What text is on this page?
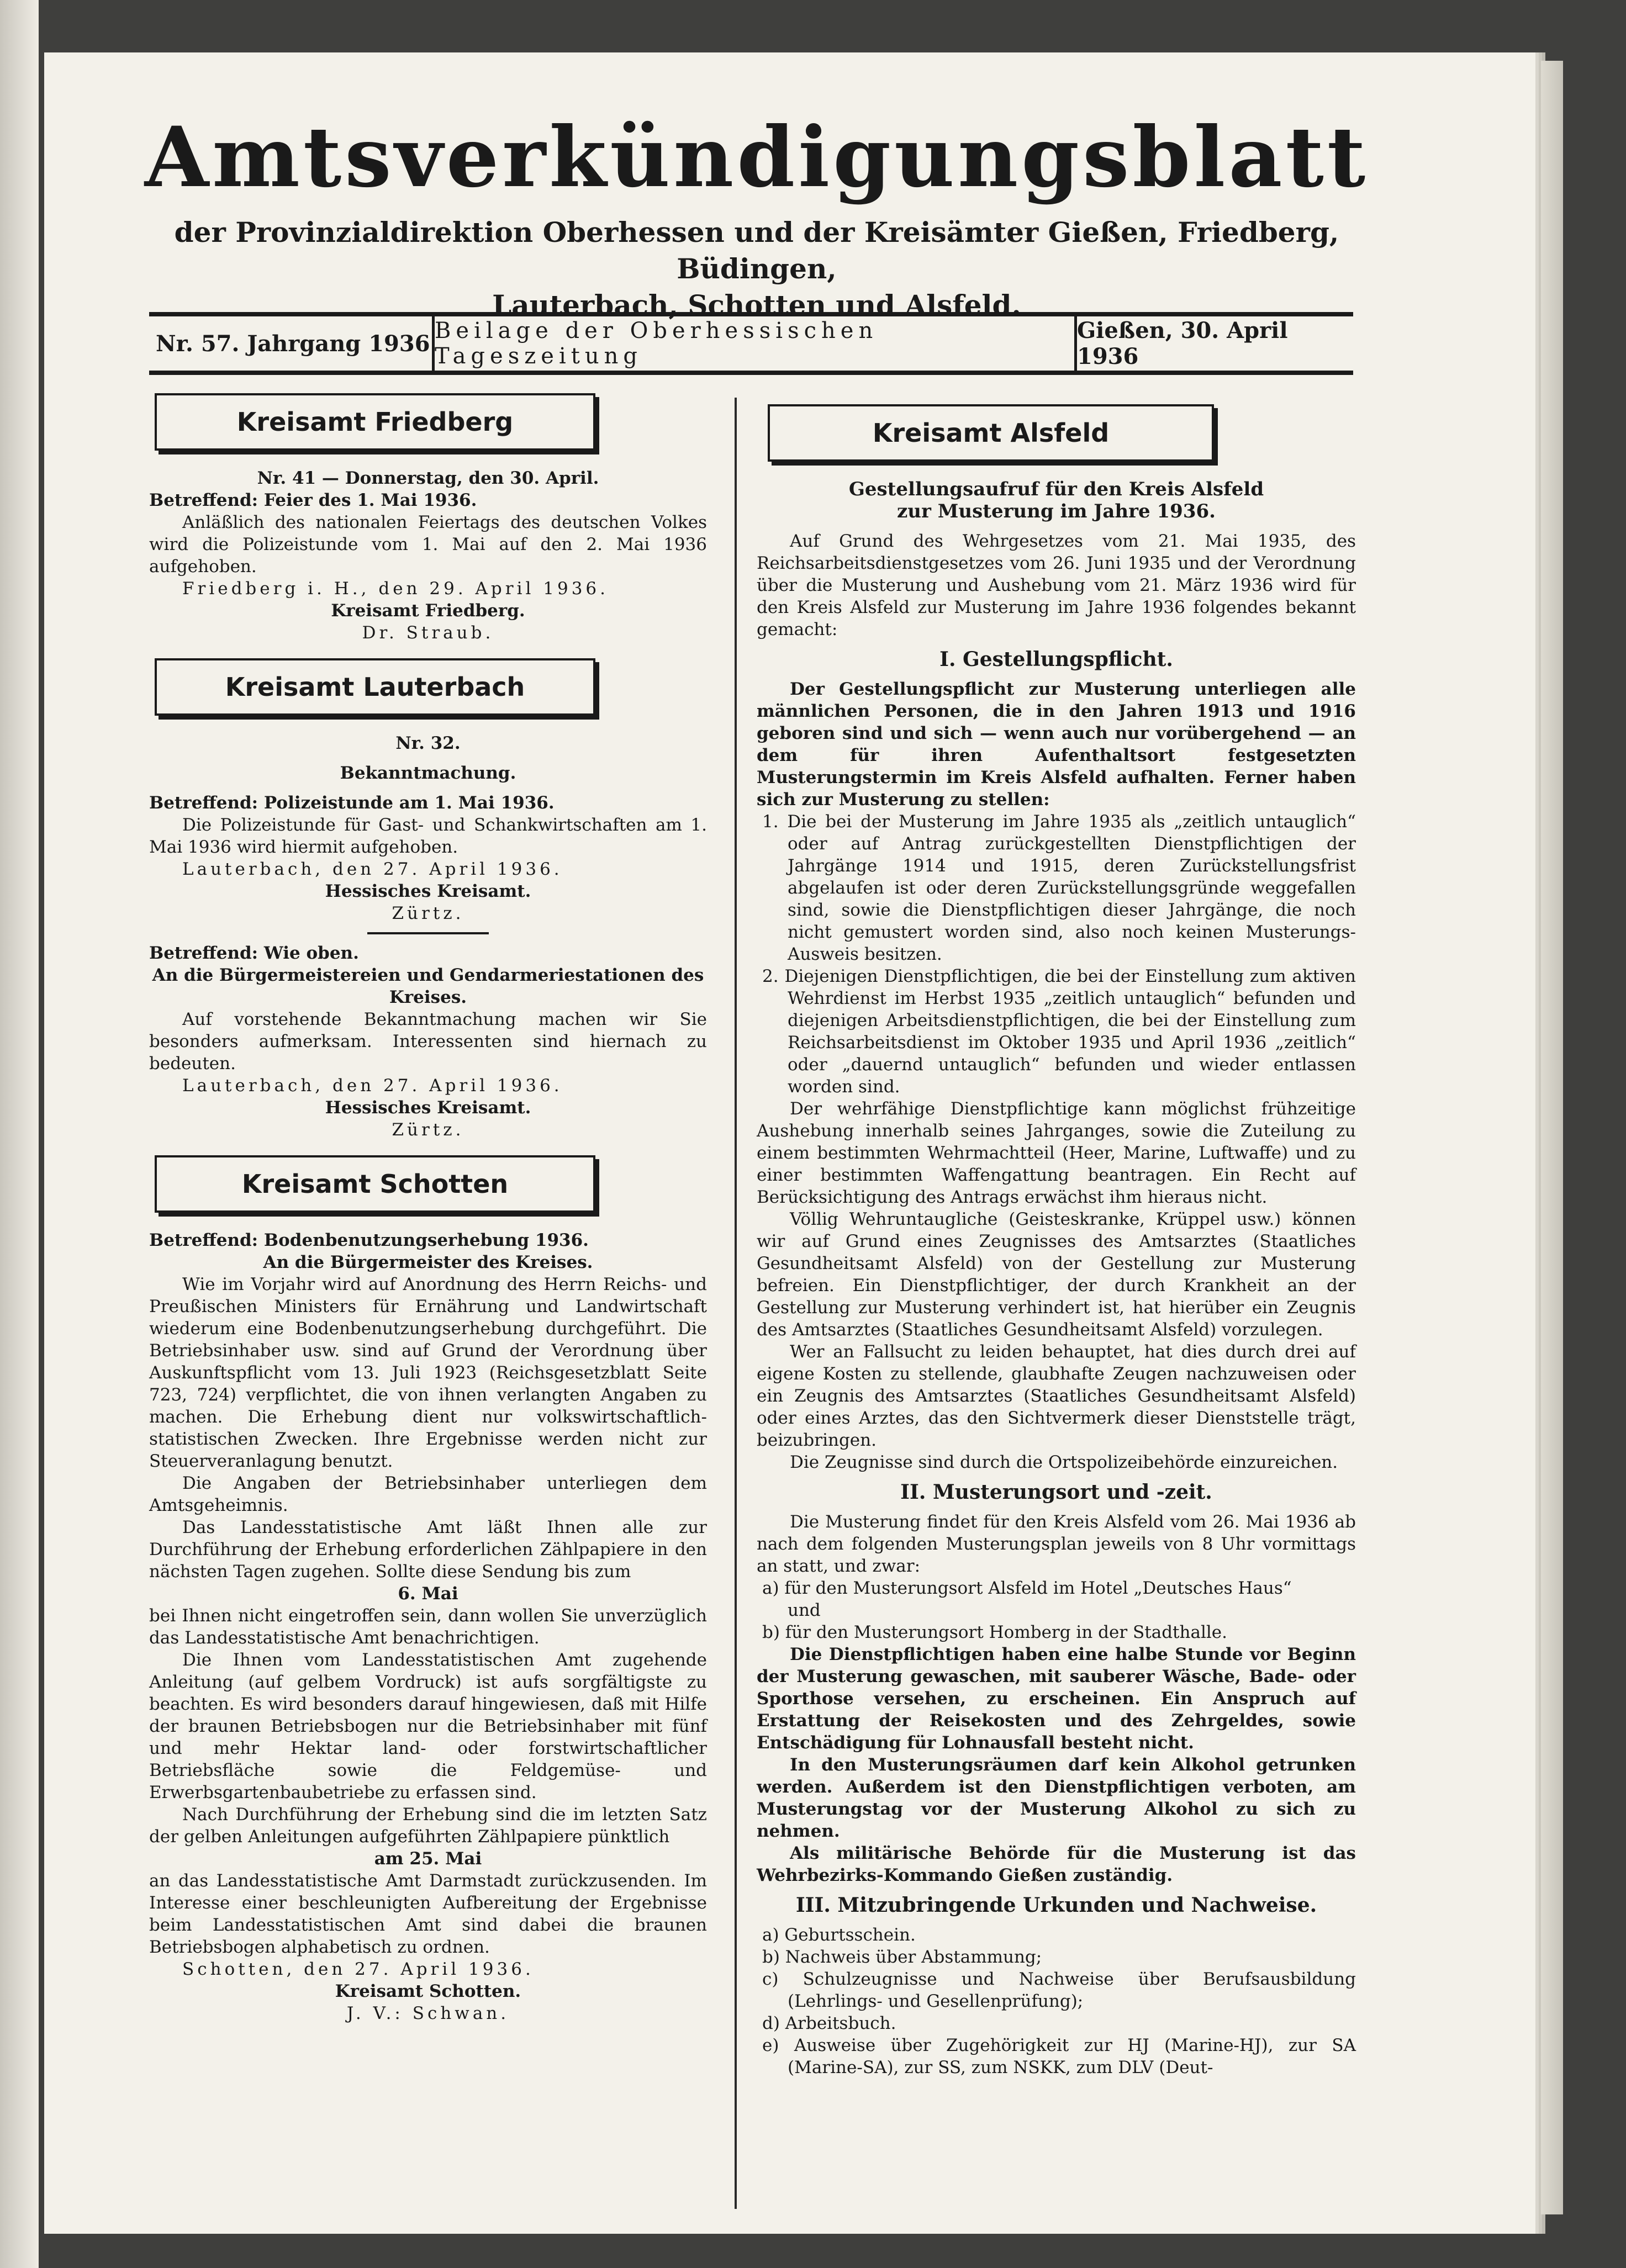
Amtsverkündigungsblatt
der Provinzialdirektion Oberhessen und der Kreisämter Gießen, Friedberg, Büdingen,
Lauterbach, Schotten und Alsfeld.
Nr. 57. Jahrgang 1936 Beilage der Oberhessischen Tageszeitung
Gießen, 30. April 1936
Kreisamt Friedberg

Nr. 41 — Donnerstag, den 30. April.

Betreffend: Feier des 1. Mai 1936.

Anläßlich des nationalen Feiertags des deutschen Volkes wird die Polizeistunde vom 1. Mai auf den 2. Mai 1936 aufgehoben.

Friedberg i. H., den 29. April 1936.

Kreisamt Friedberg.

Dr. Straub.

Kreisamt Lauterbach

Nr. 32.

Bekanntmachung.

Betreffend: Polizeistunde am 1. Mai 1936.

Die Polizeistunde für Gast- und Schankwirtschaften am 1. Mai 1936 wird hiermit aufgehoben.

Lauterbach, den 27. April 1936.

Hessisches Kreisamt.

Zürtz.

Betreffend: Wie oben.

An die Bürgermeistereien und Gendarmeriestationen des Kreises.

Auf vorstehende Bekanntmachung machen wir Sie besonders aufmerksam. Interessenten sind hiernach zu bedeuten.

Lauterbach, den 27. April 1936.

Hessisches Kreisamt.

Zürtz.

Kreisamt Schotten

Betreffend: Bodenbenutzungserhebung 1936.

An die Bürgermeister des Kreises.

Wie im Vorjahr wird auf Anordnung des Herrn Reichs- und Preußischen Ministers für Ernährung und Landwirtschaft wiederum eine Bodenbenutzungserhebung durchgeführt. Die Betriebsinhaber usw. sind auf Grund der Verordnung über Auskunftspflicht vom 13. Juli 1923 (Reichsgesetzblatt Seite 723, 724) verpflichtet, die von ihnen verlangten Angaben zu machen. Die Erhebung dient nur volkswirtschaftlich-statistischen Zwecken. Ihre Ergebnisse werden nicht zur Steuerveranlagung benutzt.

Die Angaben der Betriebsinhaber unterliegen dem Amtsgeheimnis.

Das Landesstatistische Amt läßt Ihnen alle zur Durchführung der Erhebung erforderlichen Zählpapiere in den nächsten Tagen zugehen. Sollte diese Sendung bis zum

6. Mai

bei Ihnen nicht eingetroffen sein, dann wollen Sie unverzüglich das Landesstatistische Amt benachrichtigen.

Die Ihnen vom Landesstatistischen Amt zugehende Anleitung (auf gelbem Vordruck) ist aufs sorgfältigste zu beachten. Es wird besonders darauf hingewiesen, daß mit Hilfe der braunen Betriebsbogen nur die Betriebsinhaber mit fünf und mehr Hektar land- oder forstwirtschaftlicher Betriebsfläche sowie die Feldgemüse- und Erwerbsgartenbaubetriebe zu erfassen sind.

Nach Durchführung der Erhebung sind die im letzten Satz der gelben Anleitungen aufgeführten Zählpapiere pünktlich

am 25. Mai

an das Landesstatistische Amt Darmstadt zurückzusenden. Im Interesse einer beschleunigten Aufbereitung der Ergebnisse beim Landesstatistischen Amt sind dabei die braunen Betriebsbogen alphabetisch zu ordnen.

Schotten, den 27. April 1936.

Kreisamt Schotten.

J. V.: Schwan.

Kreisamt Alsfeld

Gestellungsaufruf für den Kreis Alsfeld

zur Musterung im Jahre 1936.

Auf Grund des Wehrgesetzes vom 21. Mai 1935, des Reichsarbeitsdienstgesetzes vom 26. Juni 1935 und der Verordnung über die Musterung und Aushebung vom 21. März 1936 wird für den Kreis Alsfeld zur Musterung im Jahre 1936 folgendes bekannt gemacht:

I. Gestellungspflicht.

Der Gestellungspflicht zur Musterung unterliegen alle männlichen Personen, die in den Jahren 1913 und 1916 geboren sind und sich — wenn auch nur vorübergehend — an dem für ihren Aufenthaltsort festgesetzten Musterungstermin im Kreis Alsfeld aufhalten. Ferner haben sich zur Musterung zu stellen:

1. Die bei der Musterung im Jahre 1935 als „zeitlich untauglich“ oder auf Antrag zurückgestellten Dienstpflichtigen der Jahrgänge 1914 und 1915, deren Zurückstellungsfrist abgelaufen ist oder deren Zurückstellungsgründe weggefallen sind, sowie die Dienstpflichtigen dieser Jahrgänge, die noch nicht gemustert worden sind, also noch keinen Musterungs-Ausweis besitzen.

2. Diejenigen Dienstpflichtigen, die bei der Einstellung zum aktiven Wehrdienst im Herbst 1935 „zeitlich untauglich“ befunden und diejenigen Arbeitsdienstpflichtigen, die bei der Einstellung zum Reichsarbeitsdienst im Oktober 1935 und April 1936 „zeitlich“ oder „dauernd untauglich“ befunden und wieder entlassen worden sind.

Der wehrfähige Dienstpflichtige kann möglichst frühzeitige Aushebung innerhalb seines Jahrganges, sowie die Zuteilung zu einem bestimmten Wehrmachtteil (Heer, Marine, Luftwaffe) und zu einer bestimmten Waffengattung beantragen. Ein Recht auf Berücksichtigung des Antrags erwächst ihm hieraus nicht.

Völlig Wehruntaugliche (Geisteskranke, Krüppel usw.) können wir auf Grund eines Zeugnisses des Amtsarztes (Staatliches Gesundheitsamt Alsfeld) von der Gestellung zur Musterung befreien. Ein Dienstpflichtiger, der durch Krankheit an der Gestellung zur Musterung verhindert ist, hat hierüber ein Zeugnis des Amtsarztes (Staatliches Gesundheitsamt Alsfeld) vorzulegen.

Wer an Fallsucht zu leiden behauptet, hat dies durch drei auf eigene Kosten zu stellende, glaubhafte Zeugen nachzuweisen oder ein Zeugnis des Amtsarztes (Staatliches Gesundheitsamt Alsfeld) oder eines Arztes, das den Sichtvermerk dieser Dienststelle trägt, beizubringen.

Die Zeugnisse sind durch die Ortspolizeibehörde einzureichen.

II. Musterungsort und -zeit.

Die Musterung findet für den Kreis Alsfeld vom 26. Mai 1936 ab nach dem folgenden Musterungsplan jeweils von 8 Uhr vormittags an statt, und zwar:

a) für den Musterungsort Alsfeld im Hotel „Deutsches Haus“

und

b) für den Musterungsort Homberg in der Stadthalle.

Die Dienstpflichtigen haben eine halbe Stunde vor Beginn der Musterung gewaschen, mit sauberer Wäsche, Bade- oder Sporthose versehen, zu erscheinen. Ein Anspruch auf Erstattung der Reisekosten und des Zehrgeldes, sowie Entschädigung für Lohnausfall besteht nicht.

In den Musterungsräumen darf kein Alkohol getrunken werden. Außerdem ist den Dienstpflichtigen verboten, am Musterungstag vor der Musterung Alkohol zu sich zu nehmen.

Als militärische Behörde für die Musterung ist das Wehrbezirks-Kommando Gießen zuständig.

III. Mitzubringende Urkunden und Nachweise.

a) Geburtsschein.

b) Nachweis über Abstammung;

c) Schulzeugnisse und Nachweise über Berufsausbildung (Lehrlings- und Gesellenprüfung);

d) Arbeitsbuch.

e) Ausweise über Zugehörigkeit zur HJ (Marine-HJ), zur SA (Marine-SA), zur SS, zum NSKK, zum DLV (Deut-
